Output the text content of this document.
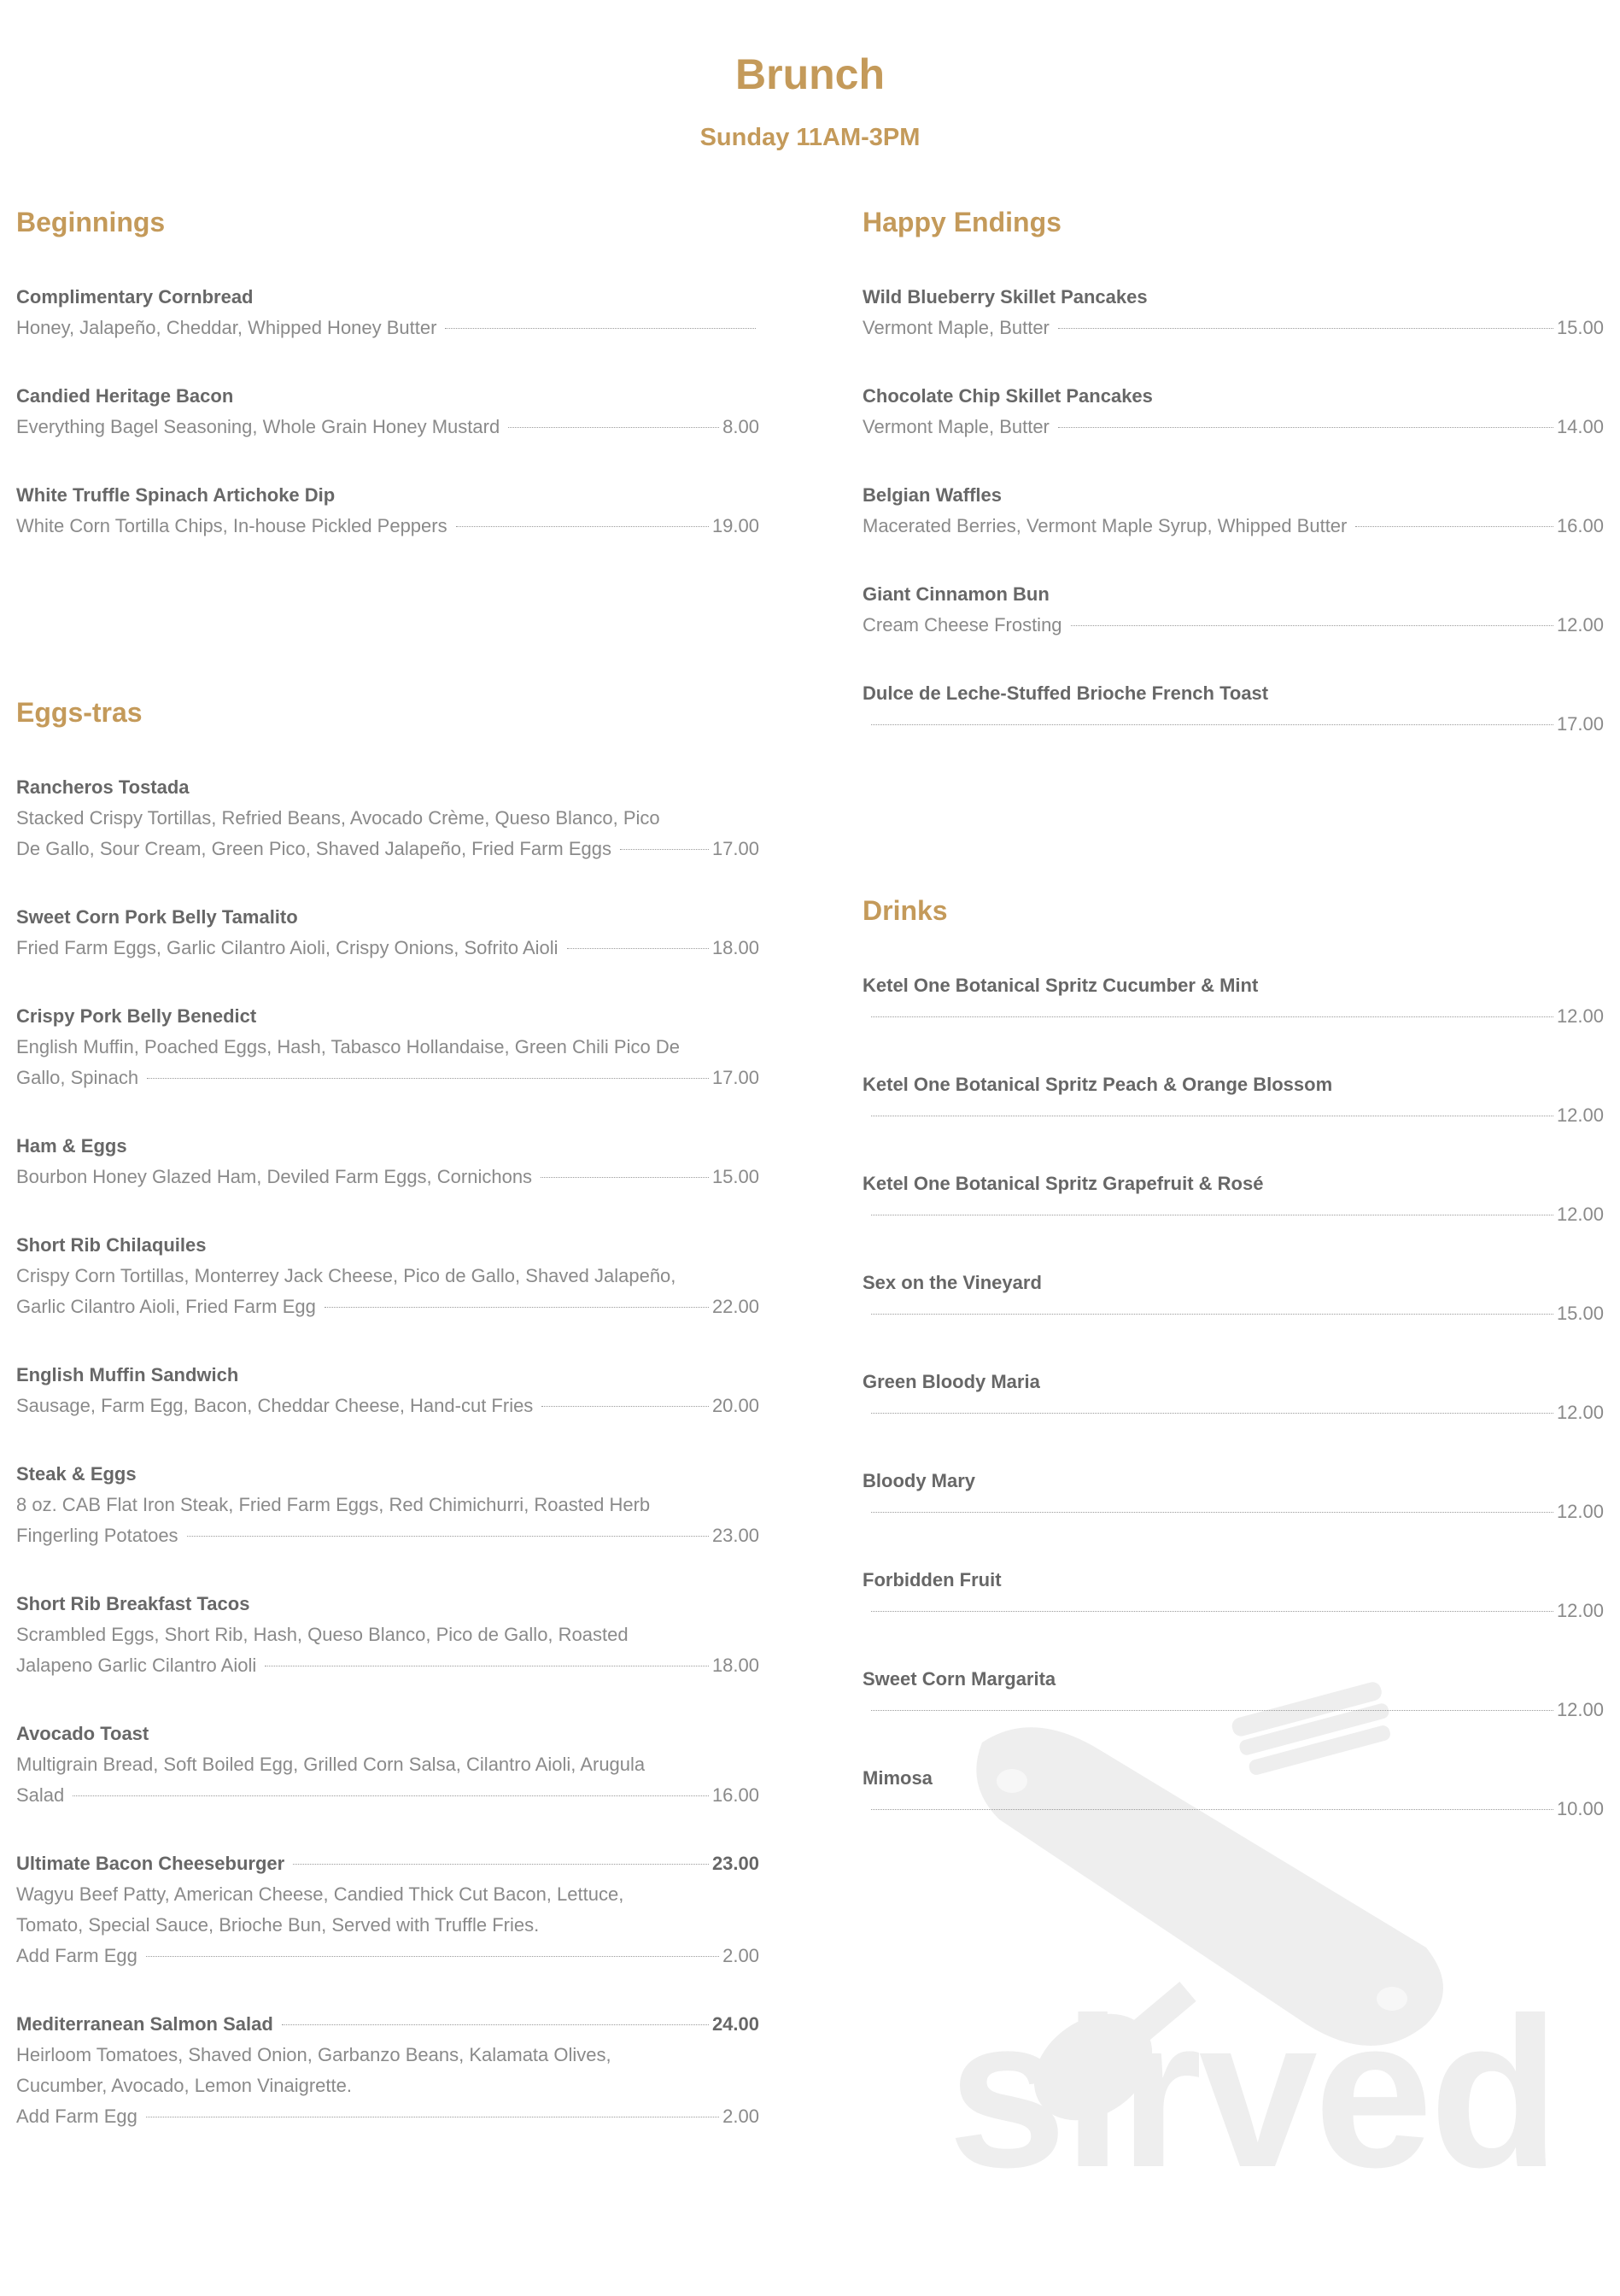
Brunch
Sunday 11AM-3PM
sirved
Beginnings
Complimentary Cornbread
Honey, Jalapeño, Cheddar, Whipped Honey Butter
Candied Heritage Bacon
Everything Bagel Seasoning, Whole Grain Honey Mustard	8.00
White Truffle Spinach Artichoke Dip
White Corn Tortilla Chips, In-house Pickled Peppers	19.00
Eggs-tras
Rancheros Tostada
Stacked Crispy Tortillas, Refried Beans, Avocado Crème, Queso Blanco, Pico
De Gallo, Sour Cream, Green Pico, Shaved Jalapeño, Fried Farm Eggs	17.00
Sweet Corn Pork Belly Tamalito
Fried Farm Eggs, Garlic Cilantro Aioli, Crispy Onions, Sofrito Aioli	18.00
Crispy Pork Belly Benedict
English Muffin, Poached Eggs, Hash, Tabasco Hollandaise, Green Chili Pico De
Gallo, Spinach	17.00
Ham & Eggs
Bourbon Honey Glazed Ham, Deviled Farm Eggs, Cornichons	15.00
Short Rib Chilaquiles
Crispy Corn Tortillas, Monterrey Jack Cheese, Pico de Gallo, Shaved Jalapeño,
Garlic Cilantro Aioli, Fried Farm Egg	22.00
English Muffin Sandwich
Sausage, Farm Egg, Bacon, Cheddar Cheese, Hand-cut Fries	20.00
Steak & Eggs
8 oz. CAB Flat Iron Steak, Fried Farm Eggs, Red Chimichurri, Roasted Herb
Fingerling Potatoes	23.00
Short Rib Breakfast Tacos
Scrambled Eggs, Short Rib, Hash, Queso Blanco, Pico de Gallo, Roasted
Jalapeno Garlic Cilantro Aioli	18.00
Avocado Toast
Multigrain Bread, Soft Boiled Egg, Grilled Corn Salsa, Cilantro Aioli, Arugula
Salad	16.00
Ultimate Bacon Cheeseburger	23.00
Wagyu Beef Patty, American Cheese, Candied Thick Cut Bacon, Lettuce,
Tomato, Special Sauce, Brioche Bun, Served with Truffle Fries.
Add Farm Egg	2.00
Mediterranean Salmon Salad	24.00
Heirloom Tomatoes, Shaved Onion, Garbanzo Beans, Kalamata Olives,
Cucumber, Avocado, Lemon Vinaigrette.
Add Farm Egg	2.00
Happy Endings
Wild Blueberry Skillet Pancakes
Vermont Maple, Butter	15.00
Chocolate Chip Skillet Pancakes
Vermont Maple, Butter	14.00
Belgian Waffles
Macerated Berries, Vermont Maple Syrup, Whipped Butter	16.00
Giant Cinnamon Bun
Cream Cheese Frosting	12.00
Dulce de Leche-Stuffed Brioche French Toast
17.00
Drinks
Ketel One Botanical Spritz Cucumber & Mint
12.00
Ketel One Botanical Spritz Peach & Orange Blossom
12.00
Ketel One Botanical Spritz Grapefruit & Rosé
12.00
Sex on the Vineyard
15.00
Green Bloody Maria
12.00
Bloody Mary
12.00
Forbidden Fruit
12.00
Sweet Corn Margarita
12.00
Mimosa
10.00
